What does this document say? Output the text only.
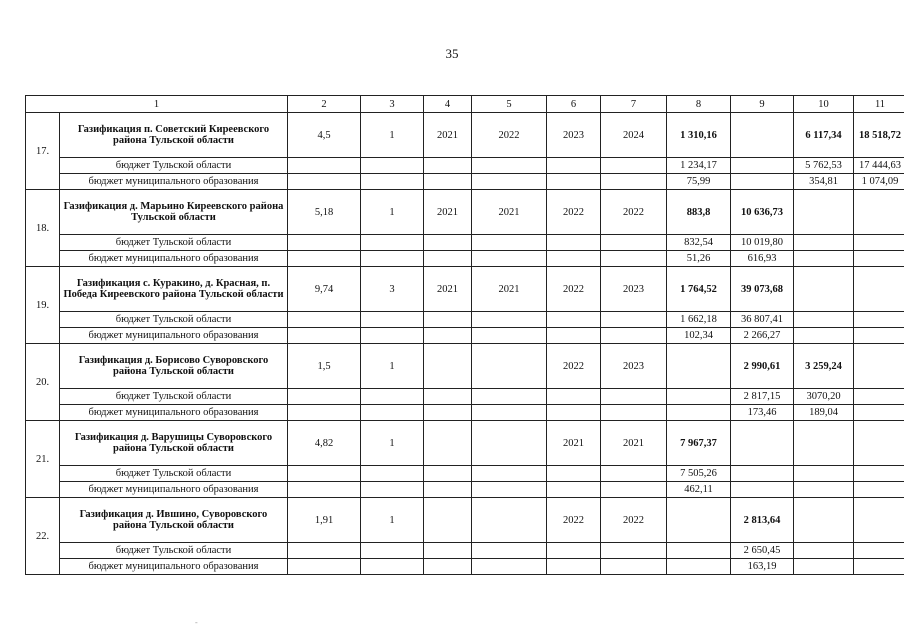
35
1		2	3	4	5	6	7	8	9	10	11
17.	Газификация п. Советский Киреевского района Тульской области	4,5	1	2021	2022	2023	2024	1 310,16		6 117,34	18 518,72
	бюджет Тульской области							1 234,17		5 762,53	17 444,63
	бюджет муниципального образования							75,99		354,81	1 074,09
18.	Газификация д. Марьино Киреевского района Тульской области	5,18	1	2021	2021	2022	2022	883,8	10 636,73		
	бюджет Тульской области							832,54	10 019,80		
	бюджет муниципального образования							51,26	616,93		
19.	Газификация с. Куракино, д. Красная, п. Победа Киреевского района Тульской области	9,74	3	2021	2021	2022	2023	1 764,52	39 073,68		
	бюджет Тульской области							1 662,18	36 807,41		
	бюджет муниципального образования							102,34	2 266,27		
20.	Газификация д. Борисово Суворовского района Тульской области	1,5	1			2022	2023		2 990,61	3 259,24	
	бюджет Тульской области								2 817,15	3070,20	
	бюджет муниципального образования								173,46	189,04	
21.	Газификация д. Варушицы Суворовского района Тульской области	4,82	1			2021	2021	7 967,37			
	бюджет Тульской области							7 505,26			
	бюджет муниципального образования							462,11			
22.	Газификация д. Ившино, Суворовского района Тульской области	1,91	1			2022	2022		2 813,64		
	бюджет Тульской области								2 650,45		
	бюджет муниципального образования								163,19		
-
